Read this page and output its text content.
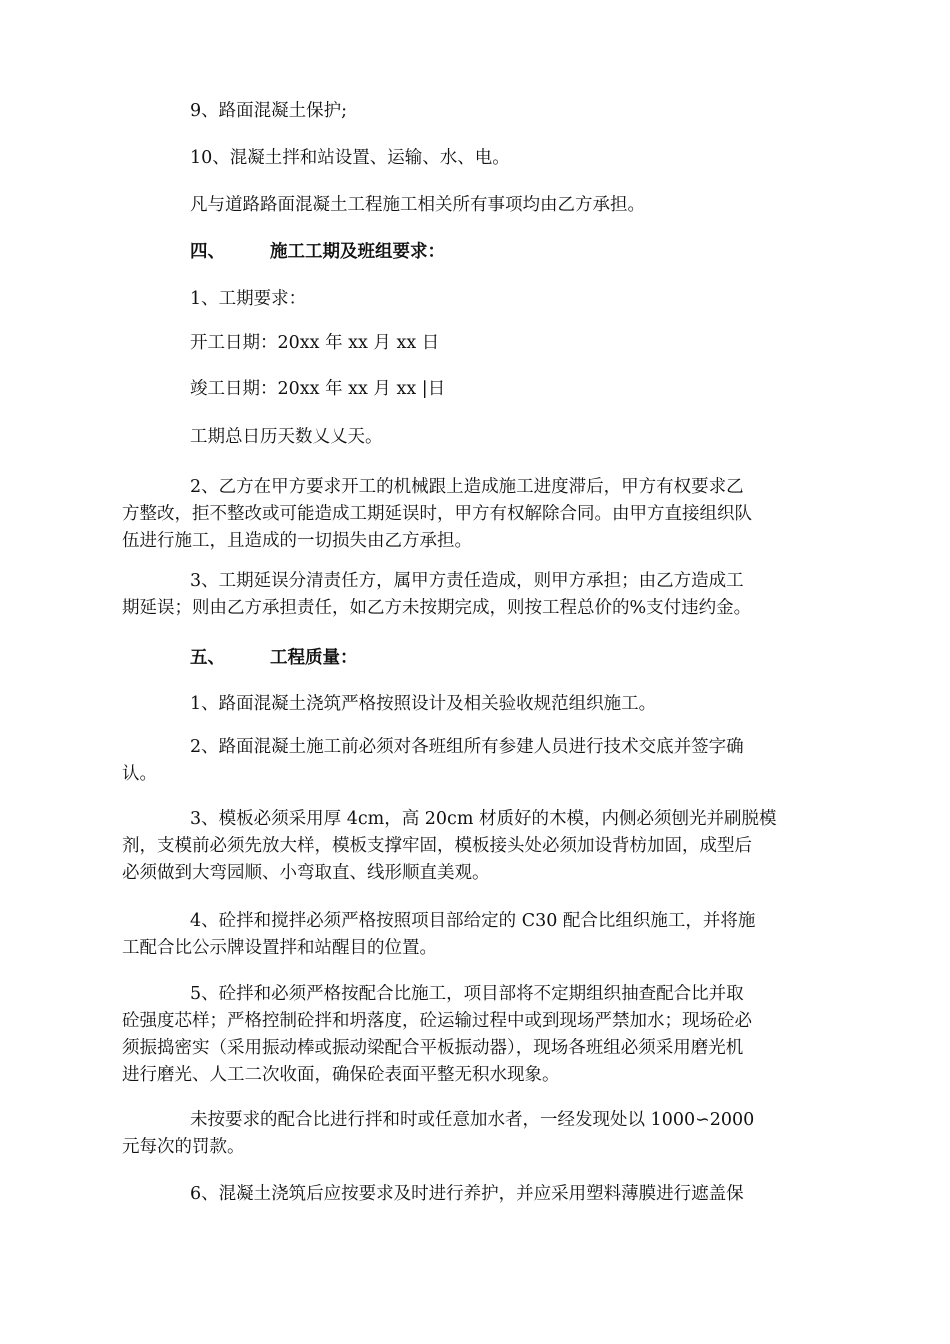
9、路面混凝土保护;

10、混凝土拌和站设置、运输、水、电。

凡与道路路面混凝土工程施工相关所有事项均由乙方承担。

四、	施工工期及班组要求：

1、工期要求：

开工日期：20xx 年 xx 月 xx 日

竣工日期：20xx 年 xx 月 xx |日

工期总日历天数乂乂天。

2、乙方在甲方要求开工的机械跟上造成施工进度滞后，甲方有权要求乙
方整改，拒不整改或可能造成工期延误时，甲方有权解除合同。由甲方直接组织队
伍进行施工，且造成的一切损失由乙方承担。
3、工期延误分清责任方，属甲方责任造成，则甲方承担；由乙方造成工
期延误；则由乙方承担责任，如乙方未按期完成，则按工程总价的%支付违约金。

五、	工程质量：

1、路面混凝土浇筑严格按照设计及相关验收规范组织施工。

2、路面混凝土施工前必须对各班组所有参建人员进行技术交底并签字确
认。
3、模板必须采用厚 4cm，高 20cm 材质好的木模，内侧必须刨光并刷脱模
剂，支模前必须先放大样，模板支撑牢固，模板接头处必须加设背枋加固，成型后
必须做到大弯园顺、小弯取直、线形顺直美观。
4、砼拌和搅拌必须严格按照项目部给定的 C30 配合比组织施工，并将施
工配合比公示牌设置拌和站醒目的位置。
5、砼拌和必须严格按配合比施工，项目部将不定期组织抽查配合比并取
砼强度芯样；严格控制砼拌和坍落度，砼运输过程中或到现场严禁加水；现场砼必
须振捣密实（采用振动棒或振动梁配合平板振动器），现场各班组必须采用磨光机
进行磨光、人工二次收面，确保砼表面平整无积水现象。
未按要求的配合比进行拌和时或任意加水者，一经发现处以 1000∽2000
元每次的罚款。
6、混凝土浇筑后应按要求及时进行养护，并应采用塑料薄膜进行遮盖保
